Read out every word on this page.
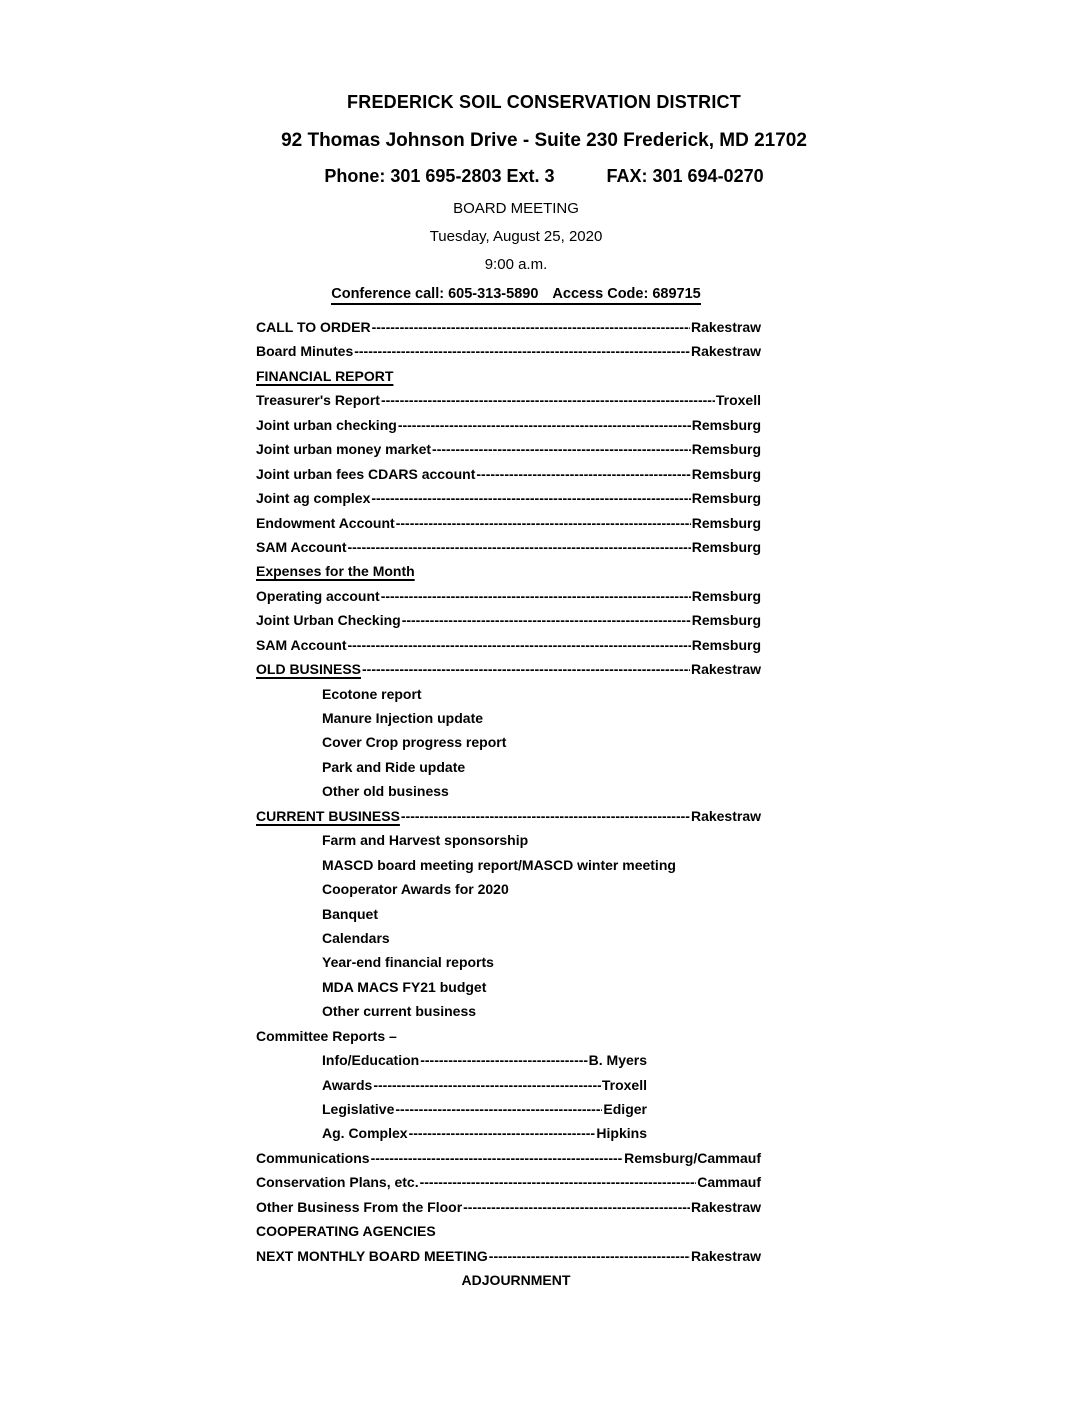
FREDERICK SOIL CONSERVATION DISTRICT
92 Thomas Johnson Drive - Suite 230 Frederick, MD 21702
Phone: 301 695-2803 Ext. 3	FAX: 301 694-0270
BOARD MEETING
Tuesday, August 25, 2020
9:00 a.m.
Conference call: 605-313-5890 Access Code: 689715
CALL TO ORDER -----	Rakestraw
Board Minutes -----	Rakestraw
FINANCIAL REPORT
Treasurer's Report -----	Troxell
Joint urban checking -----	Remsburg
Joint urban money market -----	Remsburg
Joint urban fees CDARS account -----	Remsburg
Joint ag complex -----	Remsburg
Endowment Account -----	Remsburg
SAM Account -----	Remsburg
Expenses for the Month
Operating account -----	Remsburg
Joint Urban Checking -----	Remsburg
SAM Account -----	Remsburg
OLD BUSINESS -----	Rakestraw
Ecotone report
Manure Injection update
Cover Crop progress report
Park and Ride update
Other old business
CURRENT BUSINESS -----	Rakestraw
Farm and Harvest sponsorship
MASCD board meeting report/MASCD winter meeting
Cooperator Awards for 2020
Banquet
Calendars
Year-end financial reports
MDA MACS FY21 budget
Other current business
Committee Reports –
Info/Education -----	B. Myers
Awards -----	Troxell
Legislative -----	Ediger
Ag. Complex -----	Hipkins
Communications -----	Remsburg/Cammauf
Conservation Plans, etc. -----	Cammauf
Other Business From the Floor -----	Rakestraw
COOPERATING AGENCIES
NEXT MONTHLY BOARD MEETING -----	Rakestraw
ADJOURNMENT
